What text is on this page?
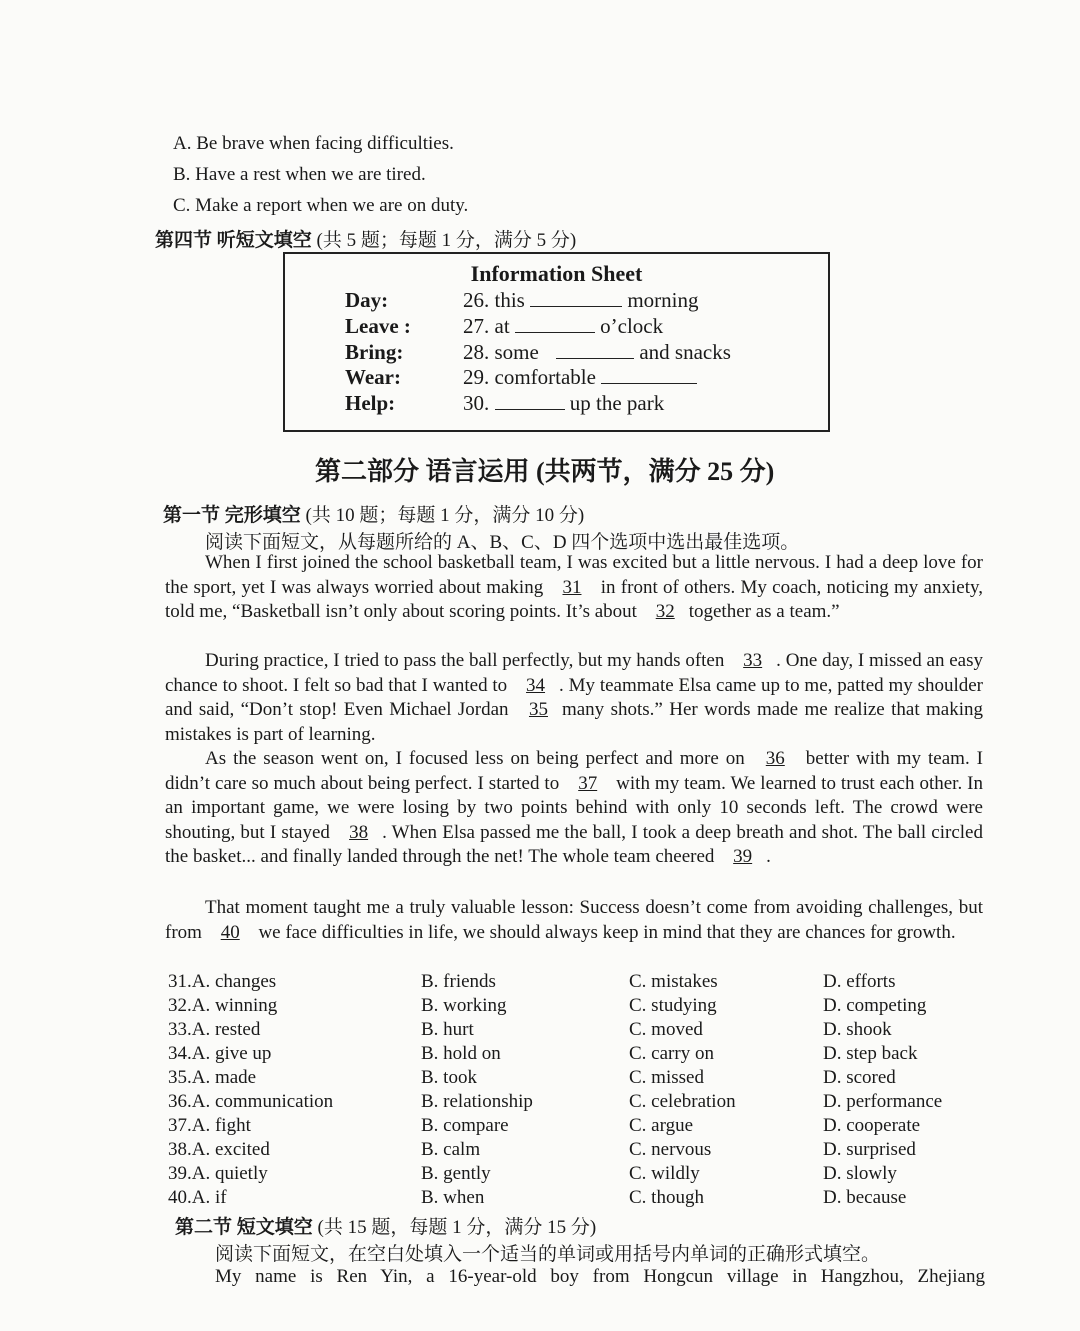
A. Be brave when facing difficulties.
B. Have a rest when we are tired.
C. Make a report when we are on duty.
第四节 听短文填空 (共 5 题；每题 1 分，满分 5 分)
Information Sheet
Day:	26. this	morning
Leave : 27. at	o’clock
Bring:	28. some	and snacks
Wear:	29. comfortable
Help:	30.	up the park
第二部分 语言运用 (共两节，满分 25 分)
第一节 完形填空 (共 10 题；每题 1 分，满分 10 分)
阅读下面短文，从每题所给的 A、B、C、D 四个选项中选出最佳选项。
When I first joined the school basketball team, I was excited but a little nervous. I had a deep love for the sport, yet I was always worried about making 31 in front of others. My coach, noticing my anxiety, told me, “Basketball isn’t only about scoring points. It’s about 32 together as a team.”
During practice, I tried to pass the ball perfectly, but my hands often 33 . One day, I missed an easy chance to shoot. I felt so bad that I wanted to 34 . My teammate Elsa came up to me, patted my shoulder and said, “Don’t stop! Even Michael Jordan 35 many shots.” Her words made me realize that making mistakes is part of learning.
As the season went on, I focused less on being perfect and more on 36 better with my team. I didn’t care so much about being perfect. I started to 37 with my team. We learned to trust each other. In an important game, we were losing by two points behind with only 10 seconds left. The crowd were shouting, but I stayed 38 . When Elsa passed me the ball, I took a deep breath and shot. The ball circled the basket... and finally landed through the net! The whole team cheered 39 .
That moment taught me a truly valuable lesson: Success doesn’t come from avoiding challenges, but from 40 we face difficulties in life, we should always keep in mind that they are chances for growth.
31.A. changes	B. friends	C. mistakes	D. efforts
32.A. winning	B. working	C. studying	D. competing
33.A. rested	B. hurt	C. moved	D. shook
34.A. give up	B. hold on	C. carry on	D. step back
35.A. made	B. took	C. missed	D. scored
36.A. communication	B. relationship	C. celebration	D. performance
37.A. fight	B. compare	C. argue	D. cooperate
38.A. excited	B. calm	C. nervous	D. surprised
39.A. quietly	B. gently	C. wildly	D. slowly
40.A. if	B. when	C. though	D. because
第二节 短文填空 (共 15 题，每题 1 分，满分 15 分)
阅读下面短文，在空白处填入一个适当的单词或用括号内单词的正确形式填空。
My name is Ren Yin, a 16-year-old boy from Hongcun village in Hangzhou, Zhejiang
